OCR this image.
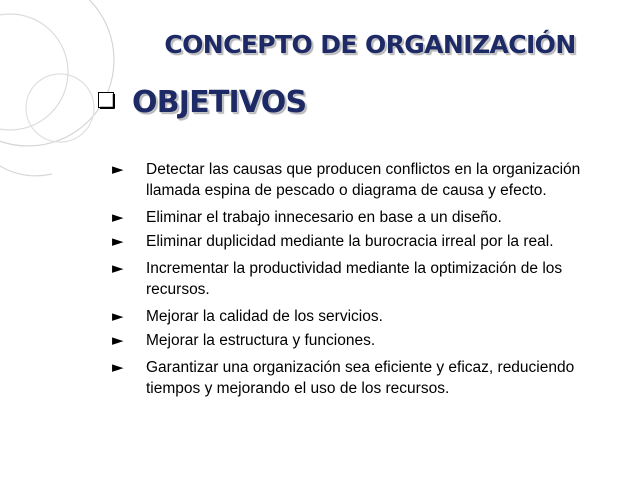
CONCEPTO DE ORGANIZACIÓN
OBJETIVOS
►	Detectar las causas que producen conflictos en la organización llamada espina de pescado o diagrama de causa y efecto.
►	Eliminar el trabajo innecesario en base a un diseño.
►	Eliminar duplicidad mediante la burocracia irreal por la real.
►	Incrementar la productividad mediante la optimización de los recursos.
►	Mejorar la calidad de los servicios.
►	Mejorar la estructura y funciones.
►	Garantizar una organización sea eficiente y eficaz, reduciendo tiempos y mejorando el uso de los recursos.
